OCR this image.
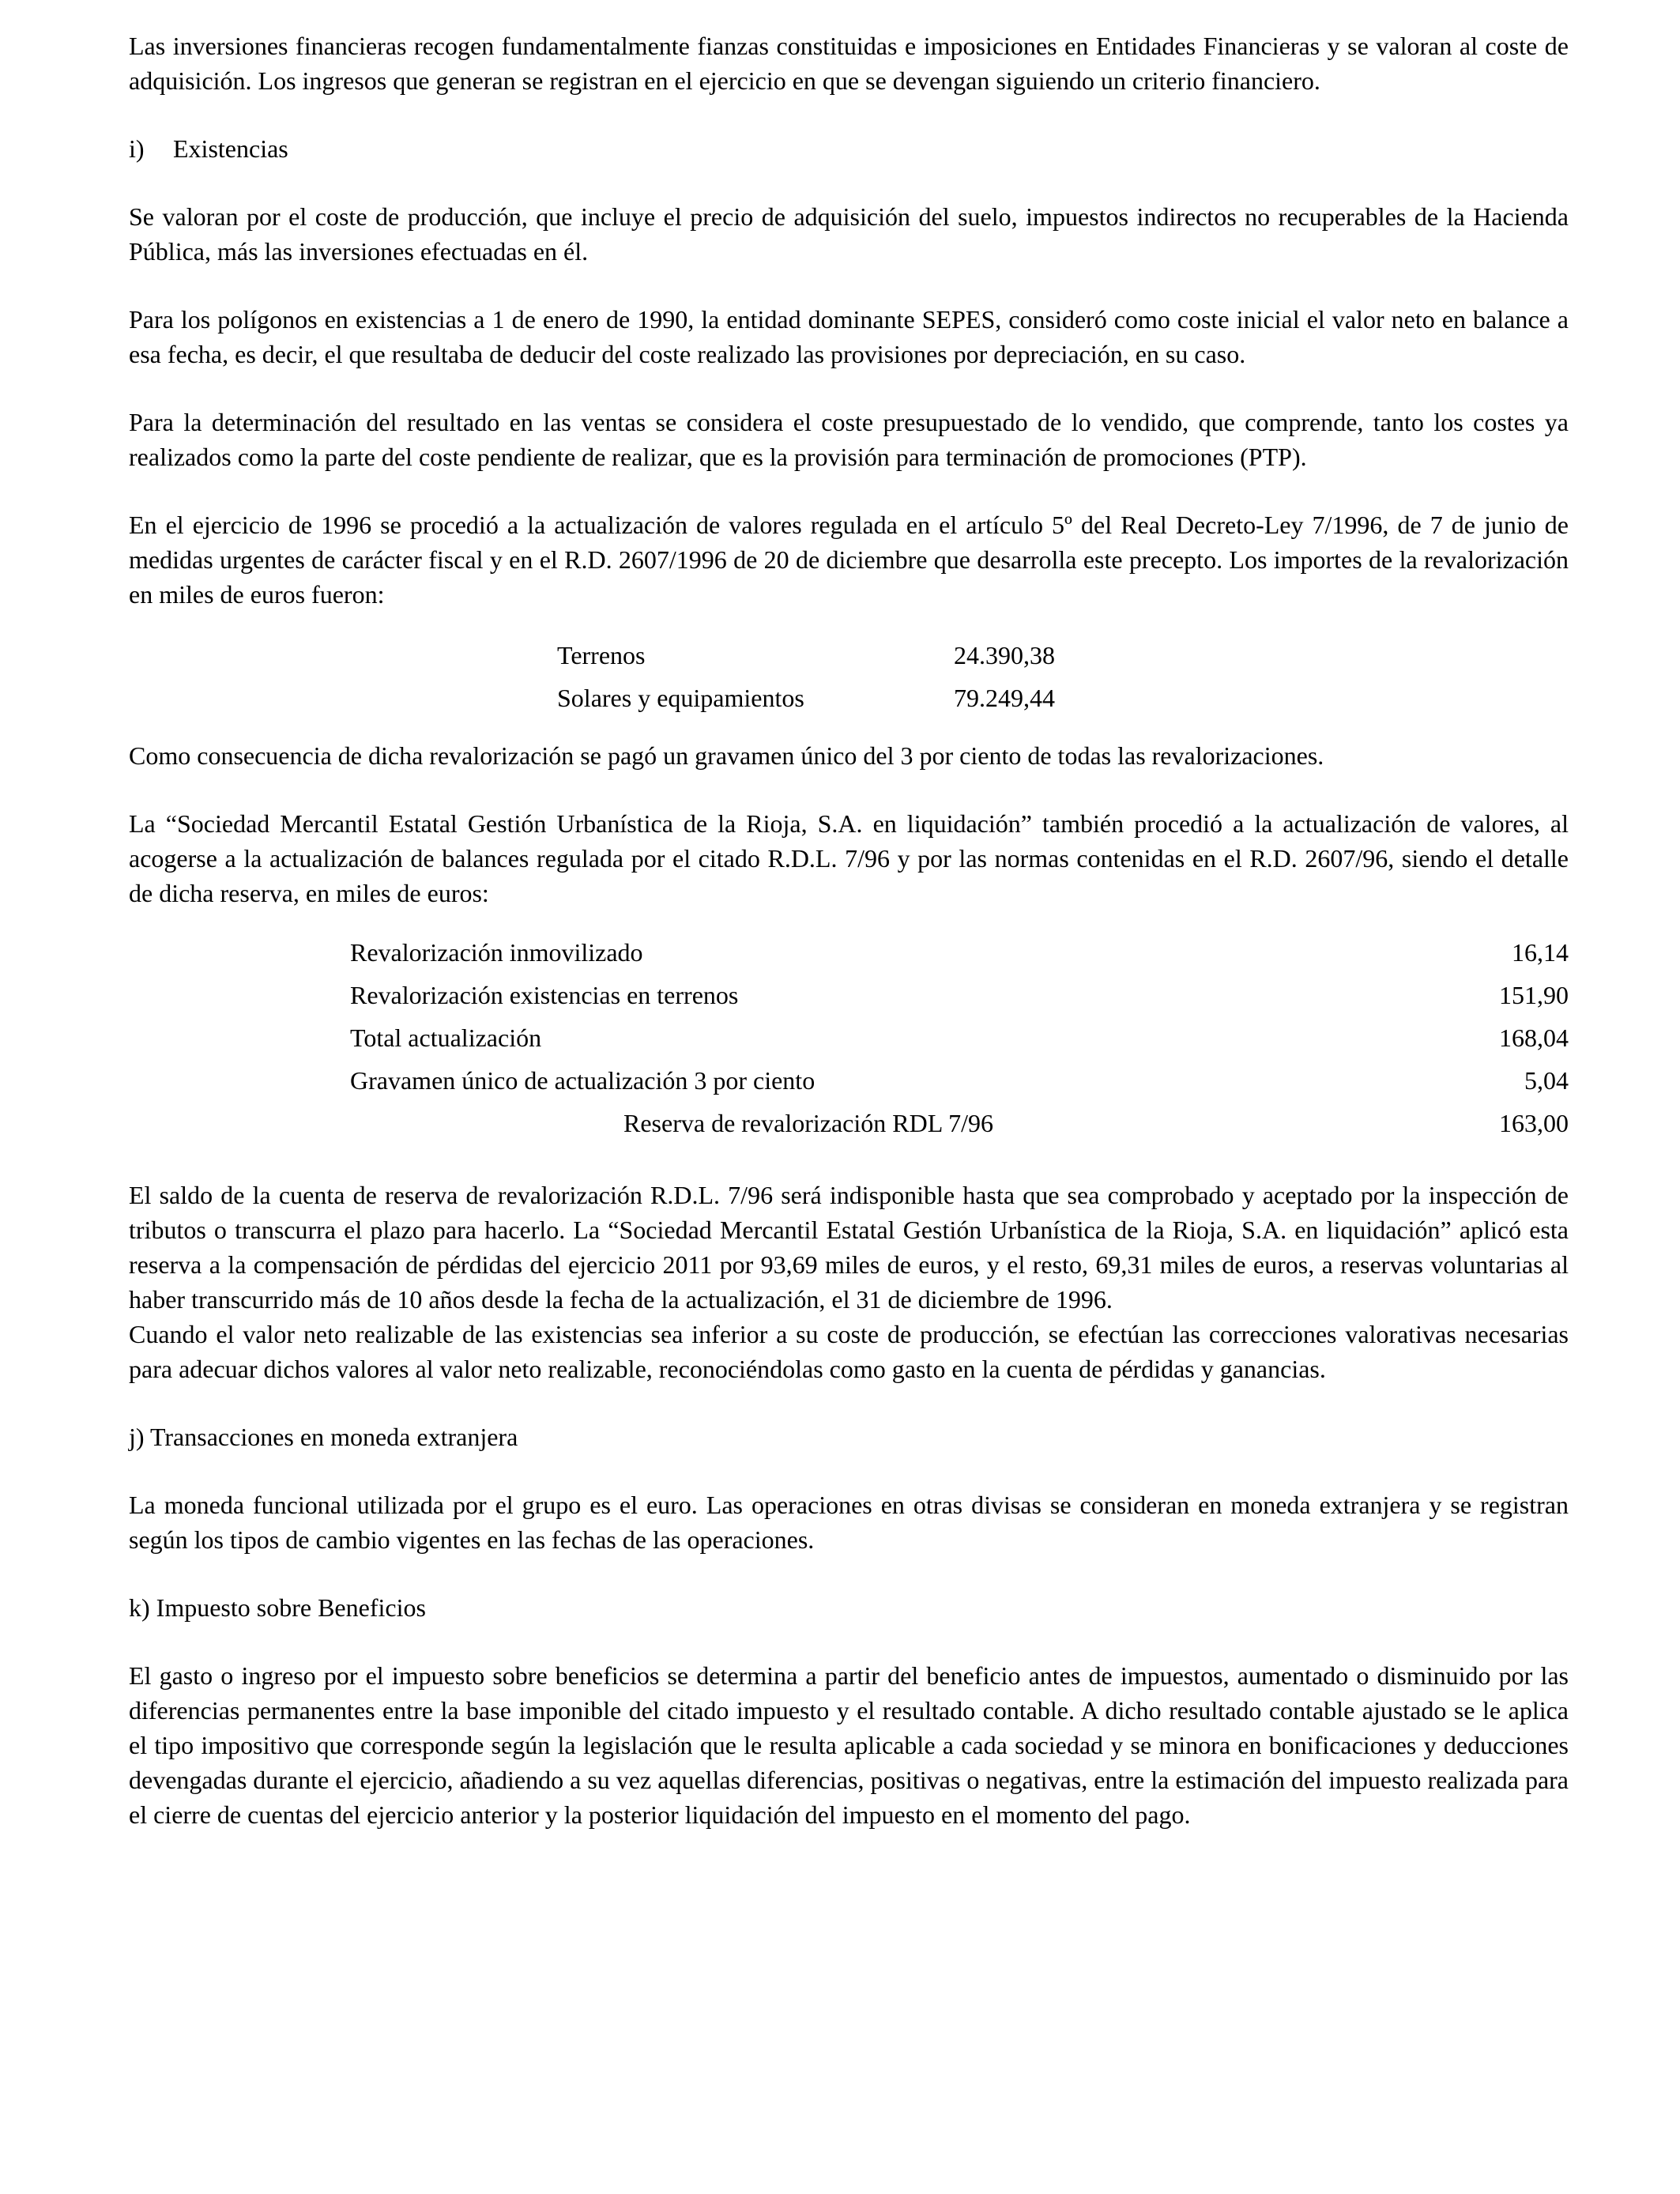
Las inversiones financieras recogen fundamentalmente fianzas constituidas e imposiciones en Entidades Financieras y se valoran al coste de adquisición. Los ingresos que generan se registran en el ejercicio en que se devengan siguiendo un criterio financiero.

i) Existencias

Se valoran por el coste de producción, que incluye el precio de adquisición del suelo, impuestos indirectos no recuperables de la Hacienda Pública, más las inversiones efectuadas en él.

Para los polígonos en existencias a 1 de enero de 1990, la entidad dominante SEPES, consideró como coste inicial el valor neto en balance a esa fecha, es decir, el que resultaba de deducir del coste realizado las provisiones por depreciación, en su caso.

Para la determinación del resultado en las ventas se considera el coste presupuestado de lo vendido, que comprende, tanto los costes ya realizados como la parte del coste pendiente de realizar, que es la provisión para terminación de promociones (PTP).

En el ejercicio de 1996 se procedió a la actualización de valores regulada en el artículo 5º del Real Decreto-Ley 7/1996, de 7 de junio de medidas urgentes de carácter fiscal y en el R.D. 2607/1996 de 20 de diciembre que desarrolla este precepto. Los importes de la revalorización en miles de euros fueron:

Terrenos	24.390,38
Solares y equipamientos	79.249,44

Como consecuencia de dicha revalorización se pagó un gravamen único del 3 por ciento de todas las revalorizaciones.

La “Sociedad Mercantil Estatal Gestión Urbanística de la Rioja, S.A. en liquidación” también procedió a la actualización de valores, al acogerse a la actualización de balances regulada por el citado R.D.L. 7/96 y por las normas contenidas en el R.D. 2607/96, siendo el detalle de dicha reserva, en miles de euros:

Revalorización inmovilizado	16,14
Revalorización existencias en terrenos	151,90
Total actualización	168,04
Gravamen único de actualización 3 por ciento	5,04
Reserva de revalorización RDL 7/96	163,00

El saldo de la cuenta de reserva de revalorización R.D.L. 7/96 será indisponible hasta que sea comprobado y aceptado por la inspección de tributos o transcurra el plazo para hacerlo. La “Sociedad Mercantil Estatal Gestión Urbanística de la Rioja, S.A. en liquidación” aplicó esta reserva a la compensación de pérdidas del ejercicio 2011 por 93,69 miles de euros, y el resto, 69,31 miles de euros, a reservas voluntarias al haber transcurrido más de 10 años desde la fecha de la actualización, el 31 de diciembre de 1996.

Cuando el valor neto realizable de las existencias sea inferior a su coste de producción, se efectúan las correcciones valorativas necesarias para adecuar dichos valores al valor neto realizable, reconociéndolas como gasto en la cuenta de pérdidas y ganancias.

j) Transacciones en moneda extranjera

La moneda funcional utilizada por el grupo es el euro. Las operaciones en otras divisas se consideran en moneda extranjera y se registran según los tipos de cambio vigentes en las fechas de las operaciones.

k) Impuesto sobre Beneficios

El gasto o ingreso por el impuesto sobre beneficios se determina a partir del beneficio antes de impuestos, aumentado o disminuido por las diferencias permanentes entre la base imponible del citado impuesto y el resultado contable. A dicho resultado contable ajustado se le aplica el tipo impositivo que corresponde según la legislación que le resulta aplicable a cada sociedad y se minora en bonificaciones y deducciones devengadas durante el ejercicio, añadiendo a su vez aquellas diferencias, positivas o negativas, entre la estimación del impuesto realizada para el cierre de cuentas del ejercicio anterior y la posterior liquidación del impuesto en el momento del pago.
